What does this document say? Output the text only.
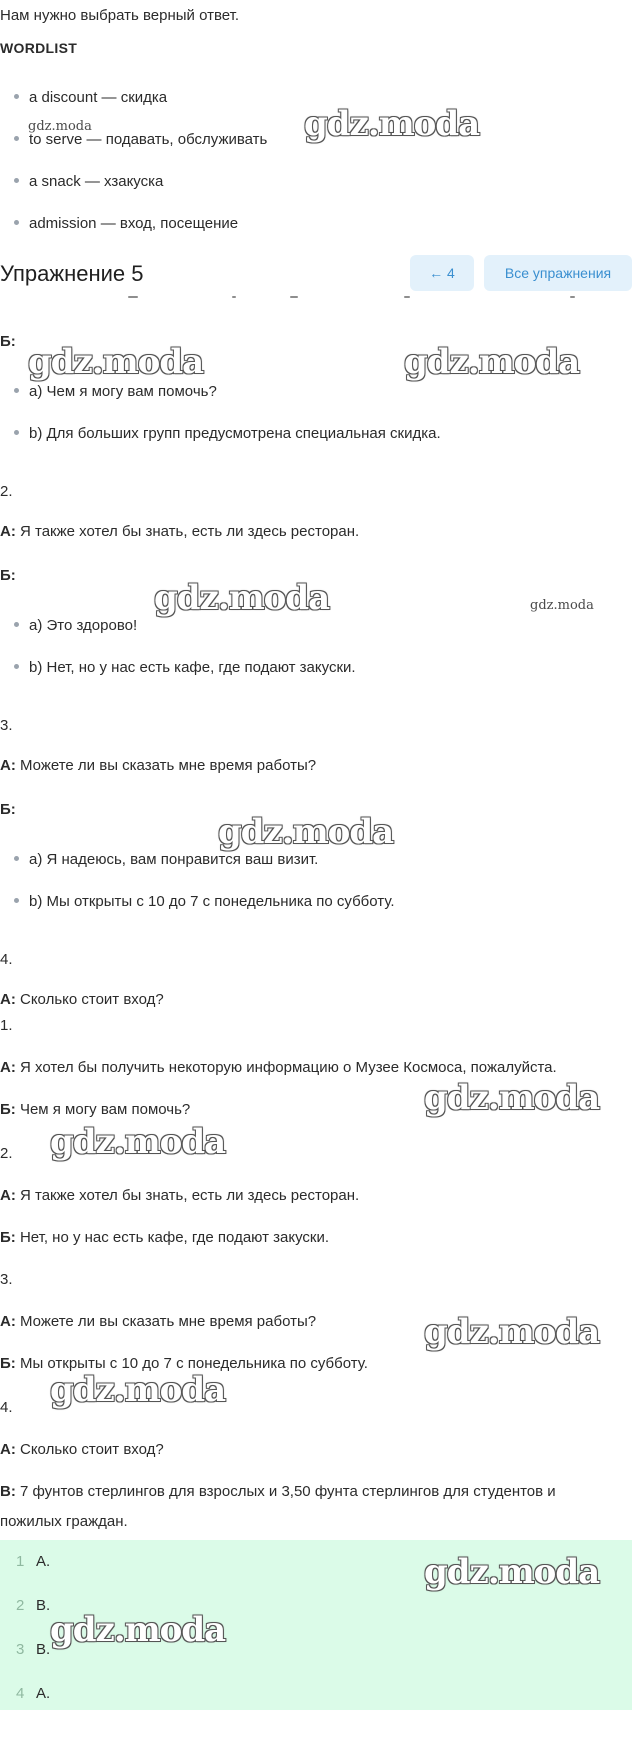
Нам нужно выбрать верный ответ.
WORDLIST
a discount — скидка
to serve — подавать, обслуживать
a snack — хзакуска
admission — вход, посещение
Упражнение 5	← 4	Все упражнения
Б:
a) Чем я могу вам помочь?
b) Для больших групп предусмотрена специальная скидка.
2.
А: Я также хотел бы знать, есть ли здесь ресторан.
Б:
a) Это здорово!
b) Нет, но у нас есть кафе, где подают закуски.
3.
А: Можете ли вы сказать мне время работы?
Б:
a) Я надеюсь, вам понравится ваш визит.
b) Мы открыты с 10 до 7 с понедельника по субботу.
4.
А: Сколько стоит вход?
1.
А: Я хотел бы получить некоторую информацию о Музее Космоса, пожалуйста.
Б: Чем я могу вам помочь?
2.
А: Я также хотел бы знать, есть ли здесь ресторан.
Б: Нет, но у нас есть кафе, где подают закуски.
3.
А: Можете ли вы сказать мне время работы?
Б: Мы открыты с 10 до 7 с понедельника по субботу.
4.
А: Сколько стоит вход?
В: 7 фунтов стерлингов для взрослых и 3,50 фунта стерлингов для студентов и
пожилых граждан.
1 А.
2 В.
3 В.
4 А.
gdz.moda	gdz.moda
gdz.moda	gdz.moda
gdz.moda	gdz.moda
gdz.moda
gdz.moda
gdz.moda
gdz.moda
gdz.moda
gdz.moda
gdz.moda
